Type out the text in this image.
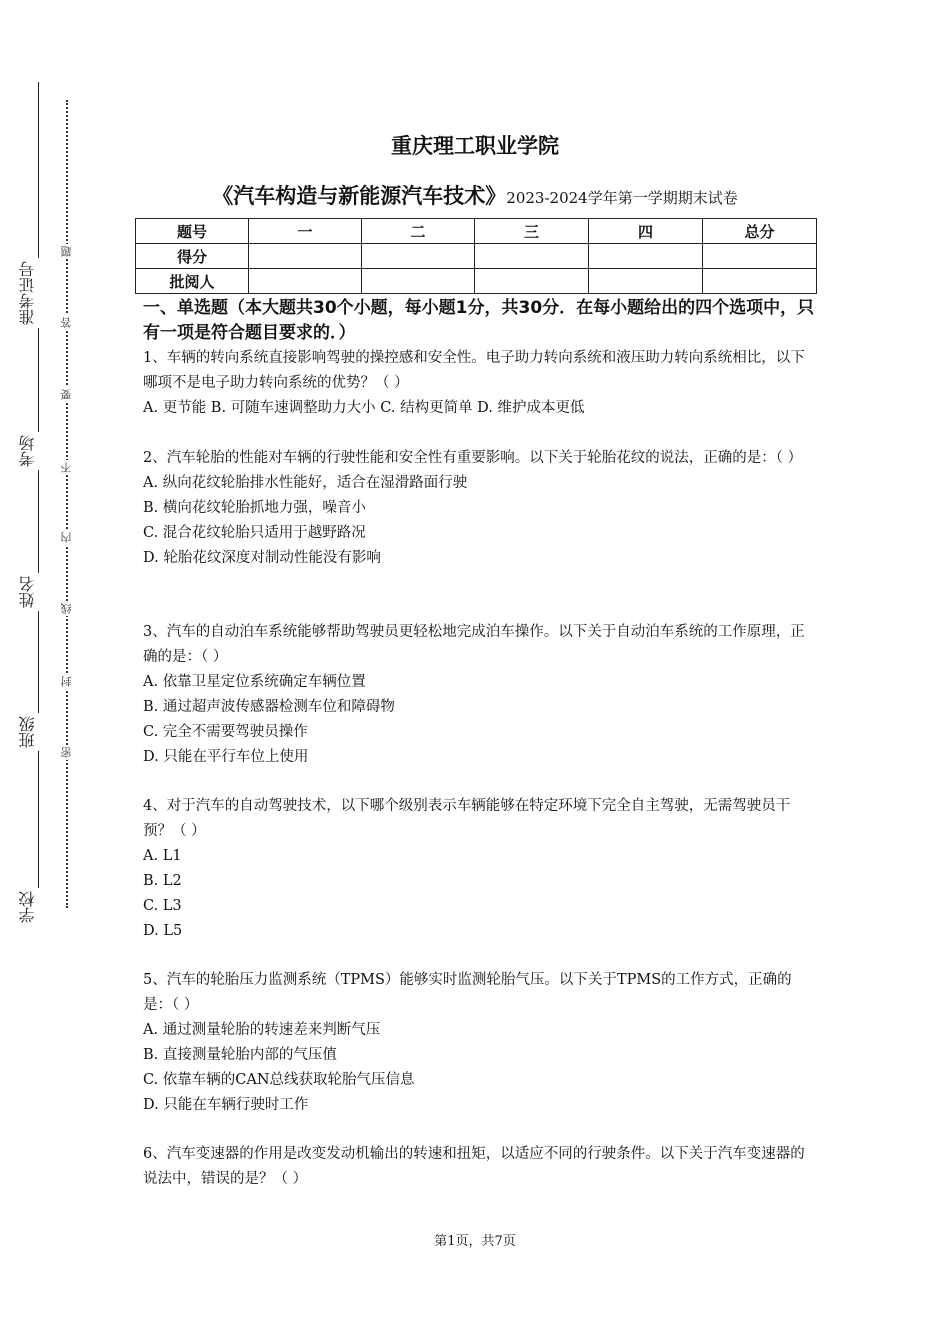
准考证号
考场
姓名
班级
学校
题
答
要
不
内
线
封
密
重庆理工职业学院
《汽车构造与新能源汽车技术》2023-2024学年第一学期期末试卷
题号	一	二	三	四	总分
得分					
批阅人					
一、单选题（本大题共30个小题，每小题1分，共30分．在每小题给出的四个选项中，只有一项是符合题目要求的．）
1、车辆的转向系统直接影响驾驶的操控感和安全性。电子助力转向系统和液压助力转向系统相比，以下哪项不是电子助力转向系统的优势？（ ）
A. 更节能 B. 可随车速调整助力大小 C. 结构更简单 D. 维护成本更低
2、汽车轮胎的性能对车辆的行驶性能和安全性有重要影响。以下关于轮胎花纹的说法，正确的是：（ ）
A. 纵向花纹轮胎排水性能好，适合在湿滑路面行驶
B. 横向花纹轮胎抓地力强，噪音小
C. 混合花纹轮胎只适用于越野路况
D. 轮胎花纹深度对制动性能没有影响
3、汽车的自动泊车系统能够帮助驾驶员更轻松地完成泊车操作。以下关于自动泊车系统的工作原理，正确的是：（ ）
A. 依靠卫星定位系统确定车辆位置
B. 通过超声波传感器检测车位和障碍物
C. 完全不需要驾驶员操作
D. 只能在平行车位上使用
4、对于汽车的自动驾驶技术，以下哪个级别表示车辆能够在特定环境下完全自主驾驶，无需驾驶员干预？（ ）
A. L1
B. L2
C. L3
D. L5
5、汽车的轮胎压力监测系统（TPMS）能够实时监测轮胎气压。以下关于TPMS的工作方式，正确的是：（ ）
A. 通过测量轮胎的转速差来判断气压
B. 直接测量轮胎内部的气压值
C. 依靠车辆的CAN总线获取轮胎气压信息
D. 只能在车辆行驶时工作
6、汽车变速器的作用是改变发动机输出的转速和扭矩，以适应不同的行驶条件。以下关于汽车变速器的说法中，错误的是？（ ）
第1页，共7页
